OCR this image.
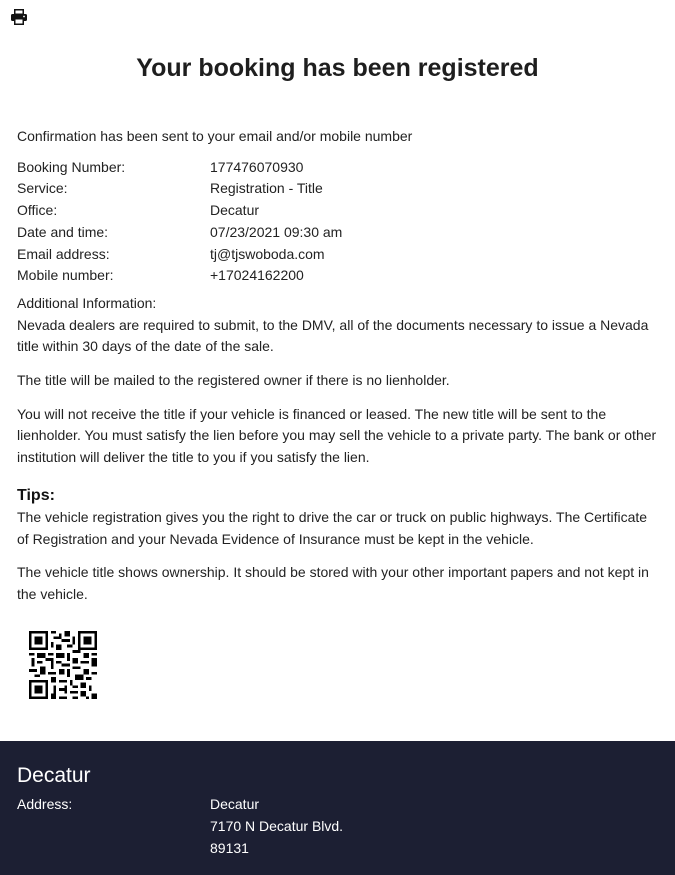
Your booking has been registered
Confirmation has been sent to your email and/or mobile number
Booking Number:	177476070930
Service:	Registration - Title
Office:	Decatur
Date and time:	07/23/2021 09:30 am
Email address:	tj@tjswoboda.com
Mobile number:	+17024162200
Additional Information:

Nevada dealers are required to submit, to the DMV, all of the documents necessary to issue a Nevada title within 30 days of the date of the sale.

The title will be mailed to the registered owner if there is no lienholder.

You will not receive the title if your vehicle is financed or leased. The new title will be sent to the lienholder. You must satisfy the lien before you may sell the vehicle to a private party. The bank or other institution will deliver the title to you if you satisfy the lien.

Tips:

The vehicle registration gives you the right to drive the car or truck on public highways. The Certificate of Registration and your Nevada Evidence of Insurance must be kept in the vehicle.

The vehicle title shows ownership. It should be stored with your other important papers and not kept in the vehicle.

Decatur
Address:	Decatur
7170 N Decatur Blvd.
89131
